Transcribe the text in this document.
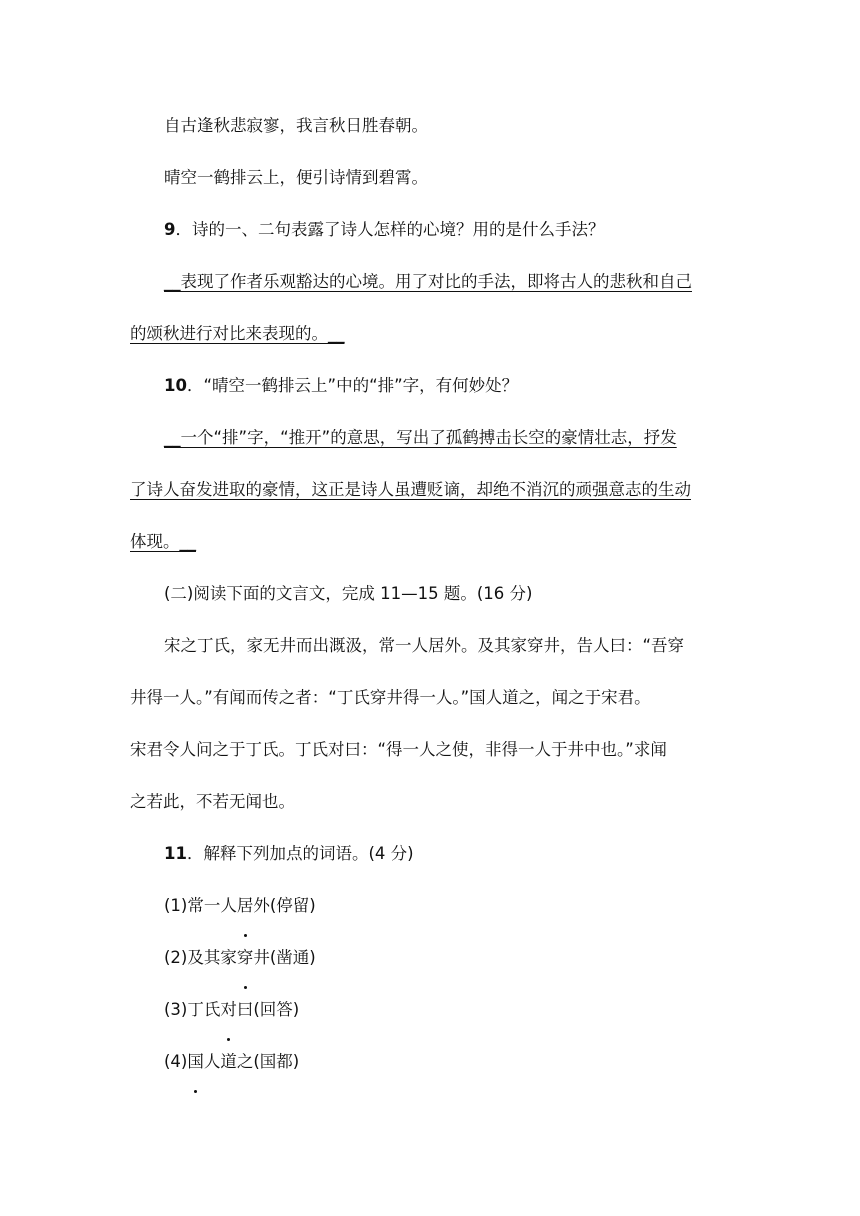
自古逢秋悲寂寥，我言秋日胜春朝。

晴空一鹤排云上，便引诗情到碧霄。

9．诗的一、二句表露了诗人怎样的心境？用的是什么手法？

__表现了作者乐观豁达的心境。用了对比的手法，即将古人的悲秋和自己
的颂秋进行对比来表现的。__

10．“晴空一鹤排云上”中的“排”字，有何妙处？

__一个“排”字，“推开”的意思，写出了孤鹤搏击长空的豪情壮志，抒发
了诗人奋发进取的豪情，这正是诗人虽遭贬谪，却绝不消沉的顽强意志的生动
体现。__

(二)阅读下面的文言文，完成 11—15 题。(16 分)

宋之丁氏，家无井而出溉汲，常一人居外。及其家穿井，告人曰：“吾穿
井得一人。”有闻而传之者：“丁氏穿井得一人。”国人道之，闻之于宋君。
宋君令人问之于丁氏。丁氏对曰：“得一人之使，非得一人于井中也。”求闻
之若此，不若无闻也。

11．解释下列加点的词语。(4 分)

(1)常一人居外(停留)
(2)及其家穿井(凿通)
(3)丁氏对曰(回答)
(4)国人道之(国都)
